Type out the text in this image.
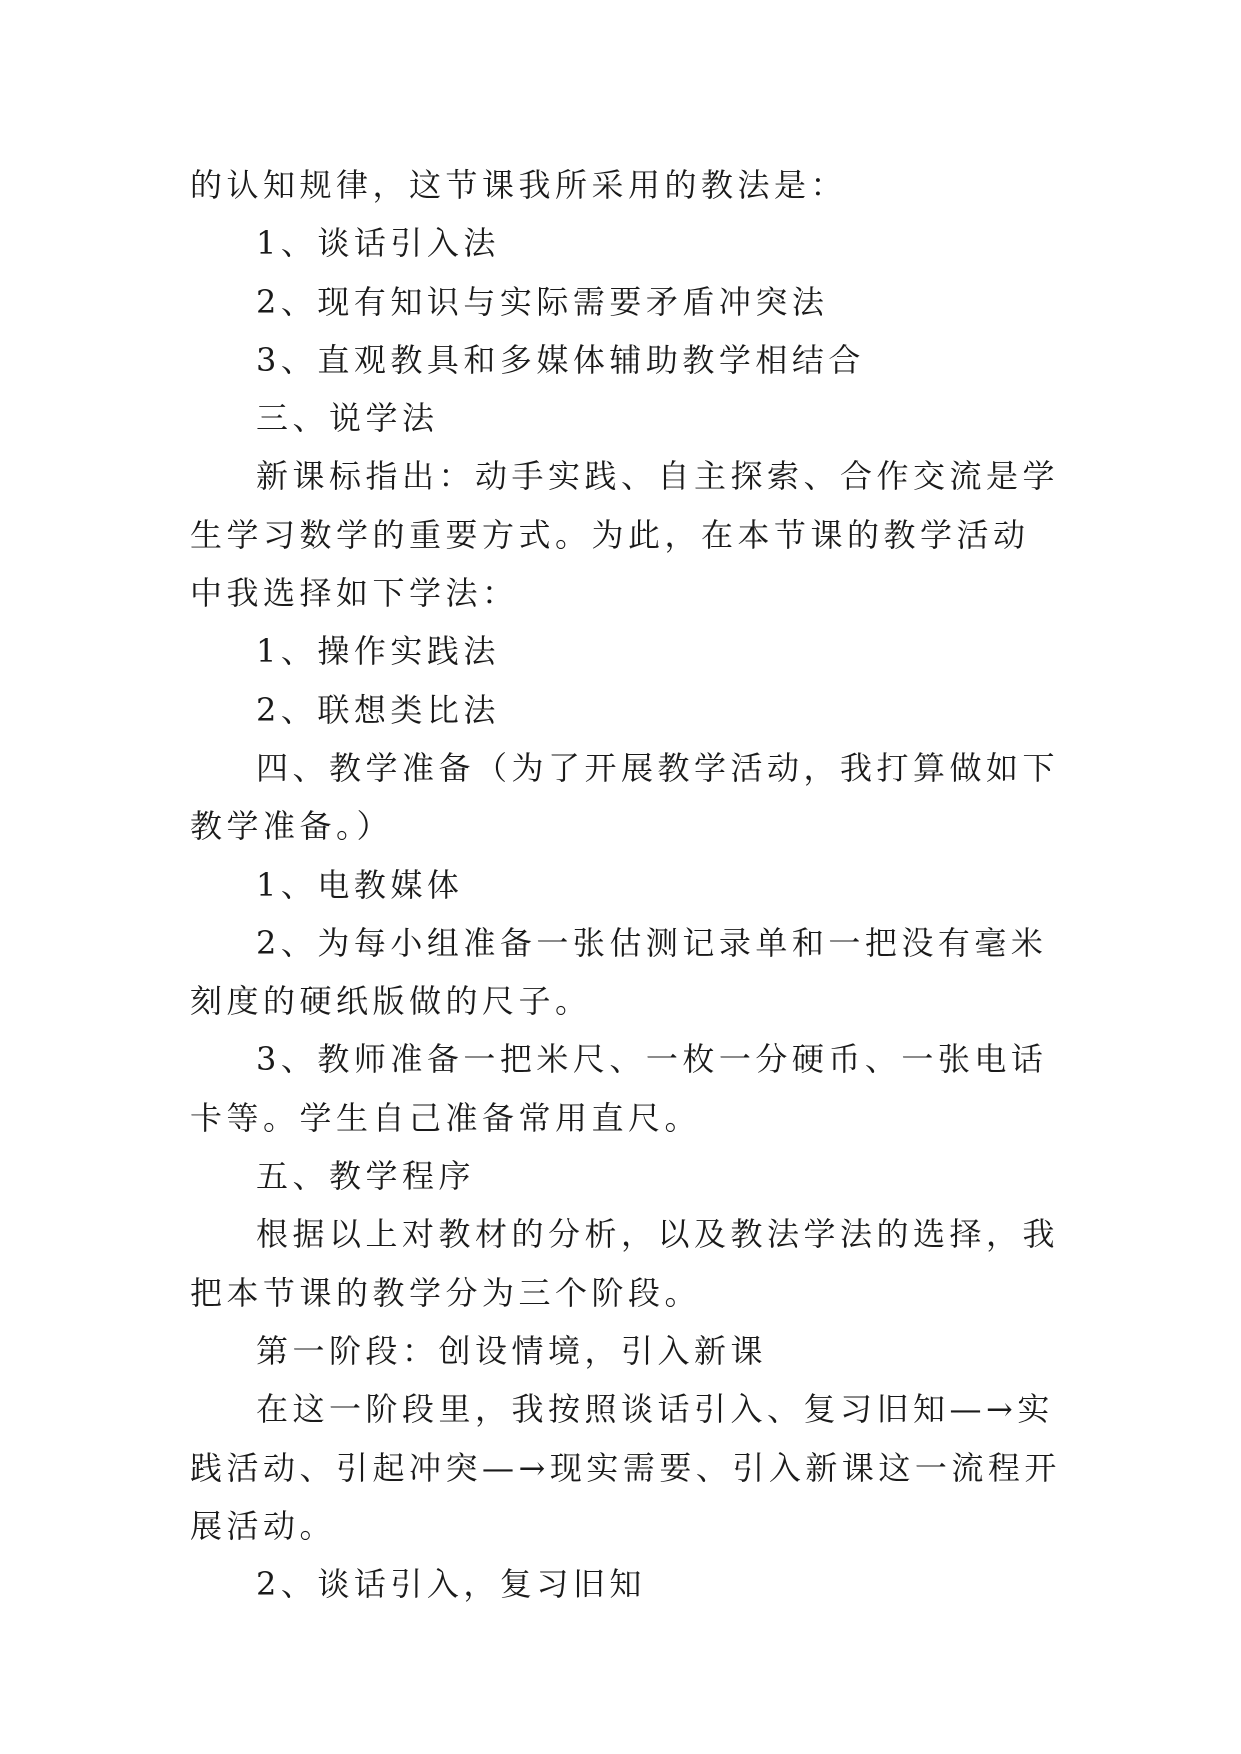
的认知规律，这节课我所采用的教法是：

1、谈话引入法

2、现有知识与实际需要矛盾冲突法

3、直观教具和多媒体辅助教学相结合

三、说学法

新课标指出：动手实践、自主探索、合作交流是学生学习数学的重要方式。为此，在本节课的教学活动中我选择如下学法：

1、操作实践法

2、联想类比法

四、教学准备（为了开展教学活动，我打算做如下教学准备。）

1、电教媒体

2、为每小组准备一张估测记录单和一把没有毫米刻度的硬纸版做的尺子。

3、教师准备一把米尺、一枚一分硬币、一张电话卡等。学生自己准备常用直尺。

五、教学程序

根据以上对教材的分析，以及教法学法的选择，我把本节课的教学分为三个阶段。

第一阶段：创设情境，引入新课

在这一阶段里，我按照谈话引入、复习旧知—→实践活动、引起冲突—→现实需要、引入新课这一流程开展活动。

2、谈话引入，复习旧知
